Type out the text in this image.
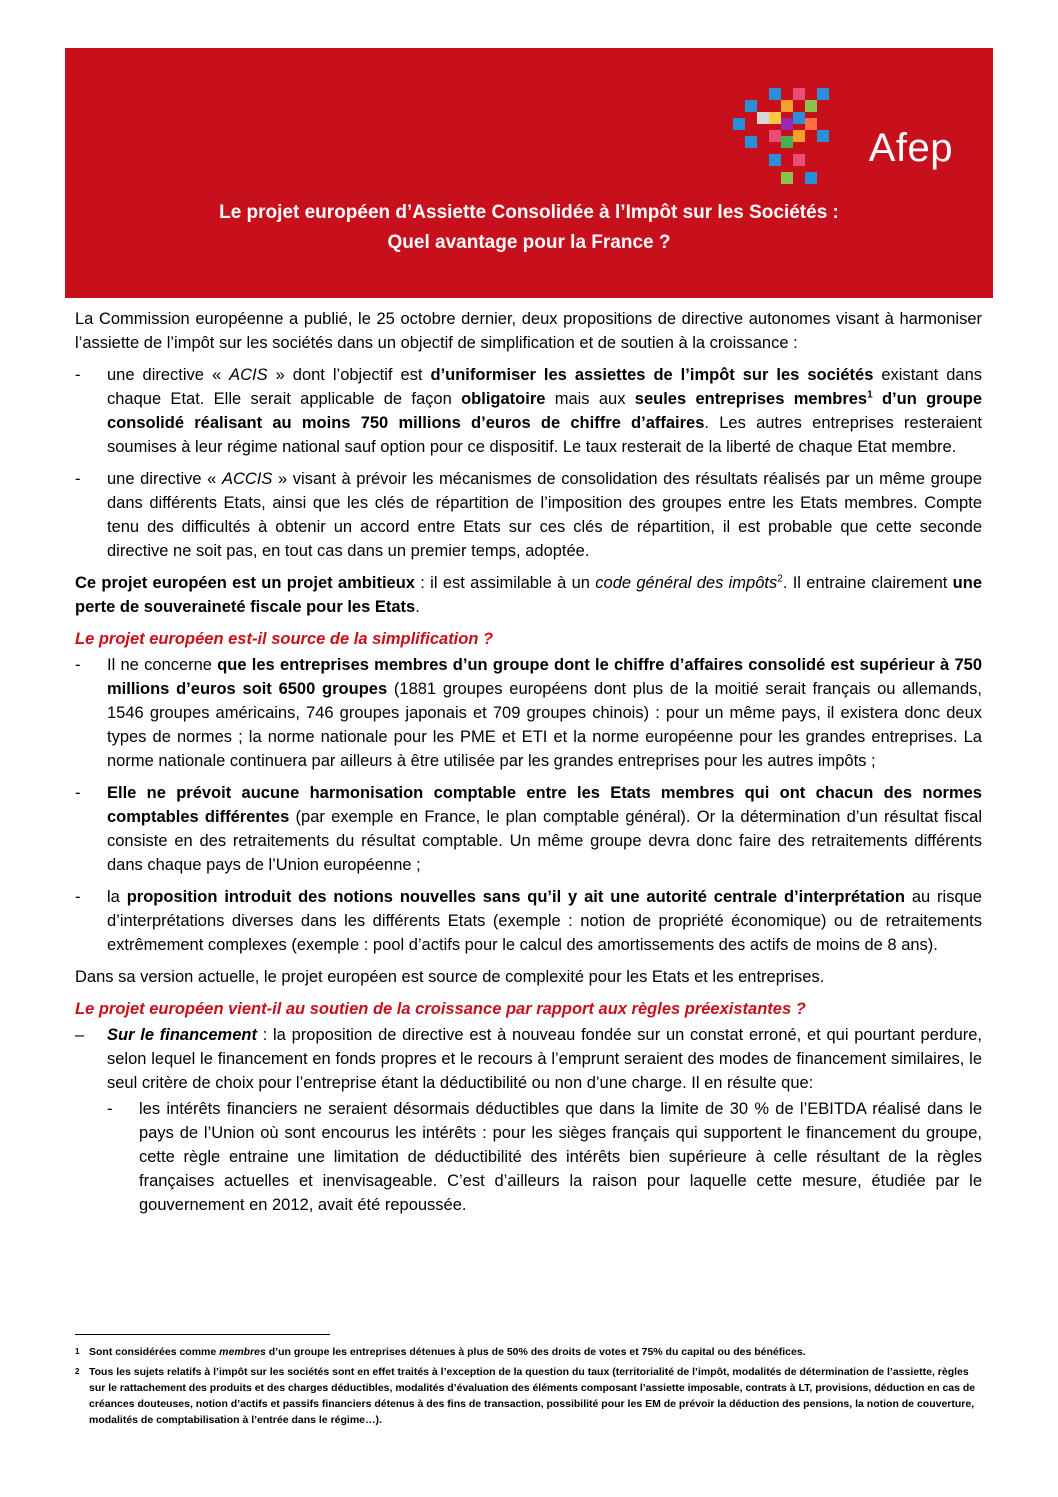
Afep
Le projet européen d’Assiette Consolidée à l’Impôt sur les Sociétés :
Quel avantage pour la France ?

La Commission européenne a publié, le 25 octobre dernier, deux propositions de directive autonomes visant à harmoniser l’assiette de l’impôt sur les sociétés dans un objectif de simplification et de soutien à la croissance :

-	une directive « ACIS » dont l’objectif est d’uniformiser les assiettes de l’impôt sur les sociétés existant dans chaque Etat. Elle serait applicable de façon obligatoire mais aux seules entreprises membres$^1$ d’un groupe consolidé réalisant au moins 750 millions d’euros de chiffre d’affaires. Les autres entreprises resteraient soumises à leur régime national sauf option pour ce dispositif. Le taux resterait de la liberté de chaque Etat membre.
-	une directive « ACCIS » visant à prévoir les mécanismes de consolidation des résultats réalisés par un même groupe dans différents Etats, ainsi que les clés de répartition de l’imposition des groupes entre les Etats membres. Compte tenu des difficultés à obtenir un accord entre Etats sur ces clés de répartition, il est probable que cette seconde directive ne soit pas, en tout cas dans un premier temps, adoptée.

Ce projet européen est un projet ambitieux : il est assimilable à un code général des impôts$^2$. Il entraine clairement une perte de souveraineté fiscale pour les Etats.

Le projet européen est-il source de la simplification ?
-	Il ne concerne que les entreprises membres d’un groupe dont le chiffre d’affaires consolidé est supérieur à 750 millions d’euros soit 6500 groupes (1881 groupes européens dont plus de la moitié serait français ou allemands, 1546 groupes américains, 746 groupes japonais et 709 groupes chinois) : pour un même pays, il existera donc deux types de normes ; la norme nationale pour les PME et ETI et la norme européenne pour les grandes entreprises. La norme nationale continuera par ailleurs à être utilisée par les grandes entreprises pour les autres impôts ;
-	Elle ne prévoit aucune harmonisation comptable entre les Etats membres qui ont chacun des normes comptables différentes (par exemple en France, le plan comptable général). Or la détermination d’un résultat fiscal consiste en des retraitements du résultat comptable. Un même groupe devra donc faire des retraitements différents dans chaque pays de l’Union européenne ;
-	la proposition introduit des notions nouvelles sans qu’il y ait une autorité centrale d’interprétation au risque d’interprétations diverses dans les différents Etats (exemple : notion de propriété économique) ou de retraitements extrêmement complexes (exemple : pool d’actifs pour le calcul des amortissements des actifs de moins de 8 ans).

Dans sa version actuelle, le projet européen est source de complexité pour les Etats et les entreprises.

Le projet européen vient-il au soutien de la croissance par rapport aux règles préexistantes ?
–	Sur le financement : la proposition de directive est à nouveau fondée sur un constat erroné, et qui pourtant perdure, selon lequel le financement en fonds propres et le recours à l’emprunt seraient des modes de financement similaires, le seul critère de choix pour l’entreprise étant la déductibilité ou non d’une charge. Il en résulte que:
-	les intérêts financiers ne seraient désormais déductibles que dans la limite de 30 % de l’EBITDA réalisé dans le pays de l’Union où sont encourus les intérêts : pour les sièges français qui supportent le financement du groupe, cette règle entraine une limitation de déductibilité des intérêts bien supérieure à celle résultant de la règles françaises actuelles et inenvisageable. C’est d’ailleurs la raison pour laquelle cette mesure, étudiée par le gouvernement en 2012, avait été repoussée.
1 Sont considérées comme membres d’un groupe les entreprises détenues à plus de 50% des droits de votes et 75% du capital ou des bénéfices.
2 Tous les sujets relatifs à l’impôt sur les sociétés sont en effet traités à l’exception de la question du taux (territorialité de l’impôt, modalités de détermination de l’assiette, règles sur le rattachement des produits et des charges déductibles, modalités d’évaluation des éléments composant l’assiette imposable, contrats à LT, provisions, déduction en cas de créances douteuses, notion d’actifs et passifs financiers détenus à des fins de transaction, possibilité pour les EM de prévoir la déduction des pensions, la notion de couverture, modalités de comptabilisation à l’entrée dans le régime…).
